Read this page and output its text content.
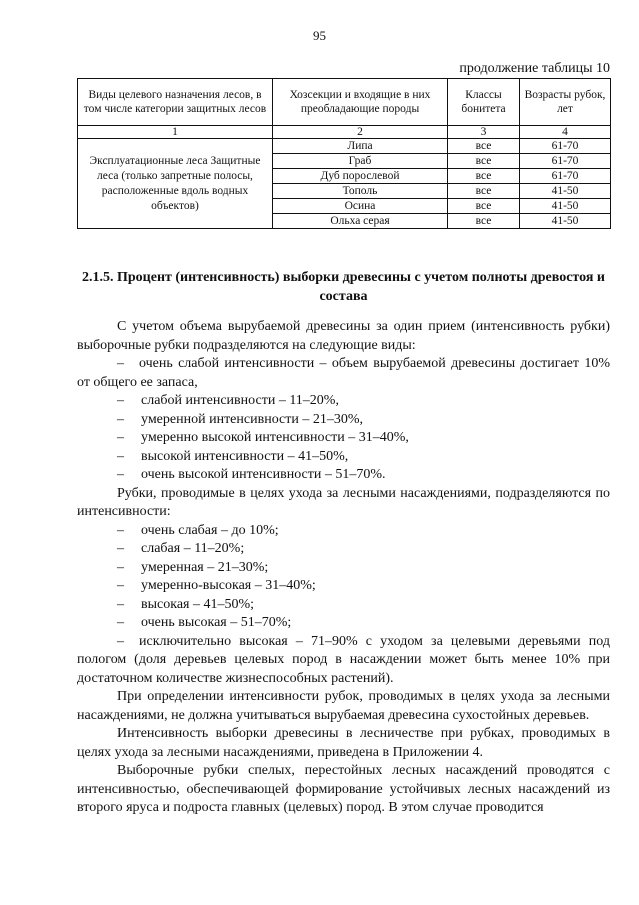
95
продолжение таблицы 10
Виды целевого назначения лесов, в том числе категории защитных лесов	Хозсекции и входящие в них преобладающие породы	Классы бонитета	Возрасты рубок, лет
1	2	3	4
Эксплуатационные леса Защитные леса (только запретные полосы, расположенные вдоль водных объектов)	Липа	все	61-70
	Граб	все	61-70
	Дуб порослевой	все	61-70
	Тополь	все	41-50
	Осина	все	41-50
	Ольха серая	все	41-50
2.1.5. Процент (интенсивность) выборки древесины с учетом полноты древостоя и состава
С учетом объема вырубаемой древесины за один прием (интенсивность рубки) выборочные рубки подразделяются на следующие виды:
– очень слабой интенсивности – объем вырубаемой древесины достигает 10% от общего ее запаса,
– слабой интенсивности – 11–20%,
– умеренной интенсивности – 21–30%,
– умеренно высокой интенсивности – 31–40%,
– высокой интенсивности – 41–50%,
– очень высокой интенсивности – 51–70%.
Рубки, проводимые в целях ухода за лесными насаждениями, подразделяются по интенсивности:
– очень слабая – до 10%;
– слабая – 11–20%;
– умеренная – 21–30%;
– умеренно-высокая – 31–40%;
– высокая – 41–50%;
– очень высокая – 51–70%;
– исключительно высокая – 71–90% с уходом за целевыми деревьями под пологом (доля деревьев целевых пород в насаждении может быть менее 10% при достаточном количестве жизнеспособных растений).
При определении интенсивности рубок, проводимых в целях ухода за лесными насаждениями, не должна учитываться вырубаемая древесина сухостойных деревьев.
Интенсивность выборки древесины в лесничестве при рубках, проводимых в целях ухода за лесными насаждениями, приведена в Приложении 4.
Выборочные рубки спелых, перестойных лесных насаждений проводятся с интенсивностью, обеспечивающей формирование устойчивых лесных насаждений из второго яруса и подроста главных (целевых) пород. В этом случае проводится
